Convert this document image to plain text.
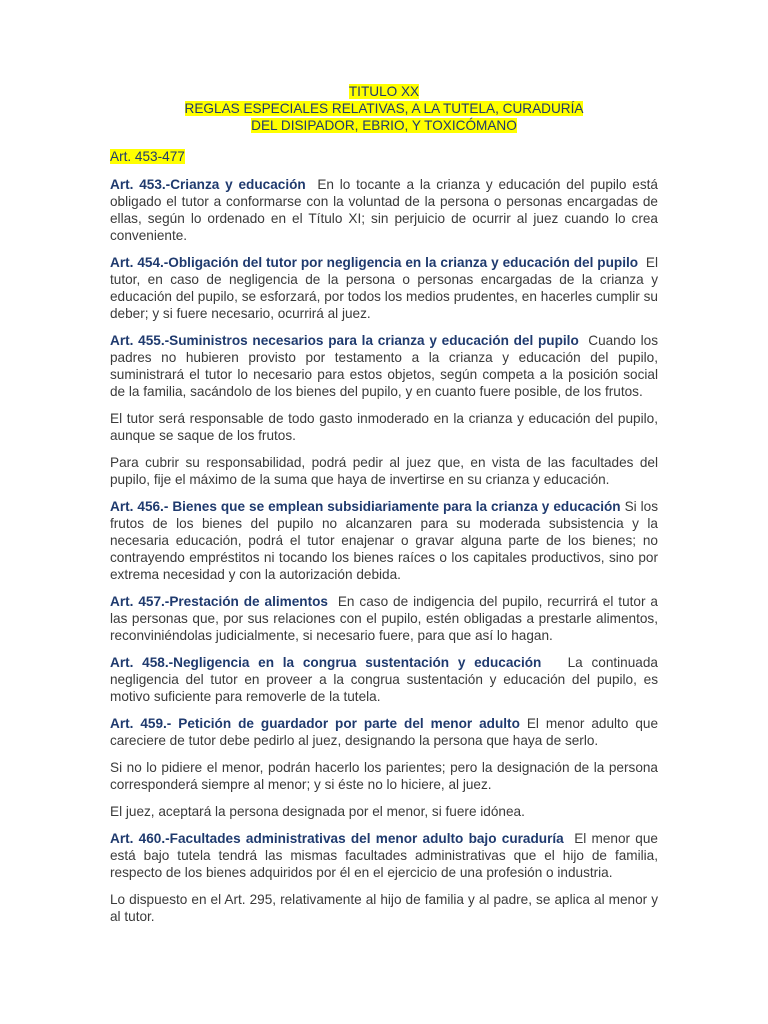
TITULO XX
REGLAS ESPECIALES RELATIVAS, A LA TUTELA, CURADURÍA
DEL DISIPADOR, EBRIO, Y TOXICÓMANO
Art. 453-477

Art. 453.-Crianza y educación En lo tocante a la crianza y educación del pupilo está obligado el tutor a conformarse con la voluntad de la persona o personas encargadas de ellas, según lo ordenado en el Título XI; sin perjuicio de ocurrir al juez cuando lo crea conveniente.

Art. 454.-Obligación del tutor por negligencia en la crianza y educación del pupilo El tutor, en caso de negligencia de la persona o personas encargadas de la crianza y educación del pupilo, se esforzará, por todos los medios prudentes, en hacerles cumplir su deber; y si fuere necesario, ocurrirá al juez.

Art. 455.-Suministros necesarios para la crianza y educación del pupilo Cuando los padres no hubieren provisto por testamento a la crianza y educación del pupilo, suministrará el tutor lo necesario para estos objetos, según competa a la posición social de la familia, sacándolo de los bienes del pupilo, y en cuanto fuere posible, de los frutos.

El tutor será responsable de todo gasto inmoderado en la crianza y educación del pupilo, aunque se saque de los frutos.

Para cubrir su responsabilidad, podrá pedir al juez que, en vista de las facultades del pupilo, fije el máximo de la suma que haya de invertirse en su crianza y educación.

Art. 456.- Bienes que se emplean subsidiariamente para la crianza y educación Si los frutos de los bienes del pupilo no alcanzaren para su moderada subsistencia y la necesaria educación, podrá el tutor enajenar o gravar alguna parte de los bienes; no contrayendo empréstitos ni tocando los bienes raíces o los capitales productivos, sino por extrema necesidad y con la autorización debida.

Art. 457.-Prestación de alimentos En caso de indigencia del pupilo, recurrirá el tutor a las personas que, por sus relaciones con el pupilo, estén obligadas a prestarle alimentos, reconviniéndolas judicialmente, si necesario fuere, para que así lo hagan.

Art. 458.-Negligencia en la congrua sustentación y educación La continuada negligencia del tutor en proveer a la congrua sustentación y educación del pupilo, es motivo suficiente para removerle de la tutela.

Art. 459.- Petición de guardador por parte del menor adulto El menor adulto que careciere de tutor debe pedirlo al juez, designando la persona que haya de serlo.

Si no lo pidiere el menor, podrán hacerlo los parientes; pero la designación de la persona corresponderá siempre al menor; y si éste no lo hiciere, al juez.

El juez, aceptará la persona designada por el menor, si fuere idónea.

Art. 460.-Facultades administrativas del menor adulto bajo curaduría El menor que está bajo tutela tendrá las mismas facultades administrativas que el hijo de familia, respecto de los bienes adquiridos por él en el ejercicio de una profesión o industria.

Lo dispuesto en el Art. 295, relativamente al hijo de familia y al padre, se aplica al menor y al tutor.
